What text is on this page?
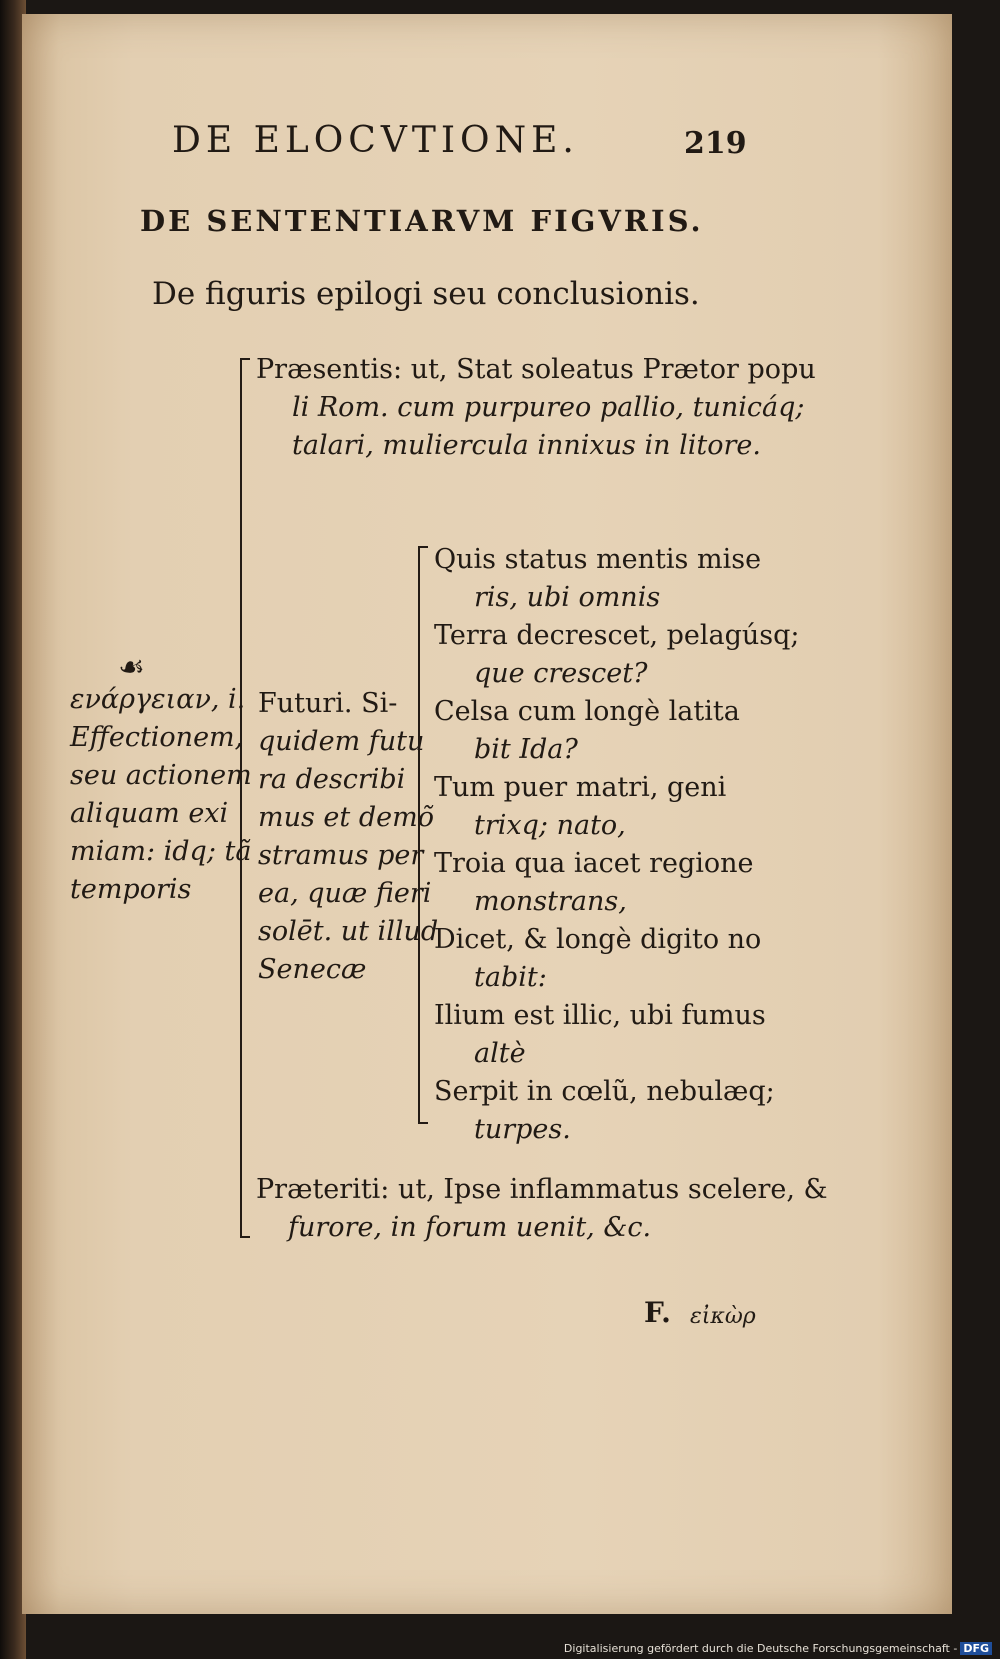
DE ELOCVTIONE.	219
DE SENTENTIARVM FIGVRIS.
De figuris epilogi seu conclusionis.
Præsentis: ut, Stat soleatus Prætor popu
li Rom. cum purpureo pallio, tunicáq;
talari, muliercula innixus in litore.
☙
ενάργειαν, i.
Effectionem,
seu actionem
aliquam exi
miam: idq; tã
temporis
Futuri. Si-
quidem futu
ra describi
mus et demõ
stramus per
ea, quæ fieri
solēt. ut illud
Senecæ
Quis status mentis mise
ris, ubi omnis
Terra decrescet, pelagúsq;
que crescet?
Celsa cum longè latita
bit Ida?
Tum puer matri, geni
trixq; nato,
Troia qua iacet regione
monstrans,
Dicet, & longè digito no
tabit:
Ilium est illic, ubi fumus
altè
Serpit in cœlũ, nebulæq;
turpes.
Præteriti: ut, Ipse inflammatus scelere, &
furore, in forum uenit, &c.
F. εἰκὼρ
Digitalisierung gefördert durch die Deutsche Forschungsgemeinschaft - DFG
